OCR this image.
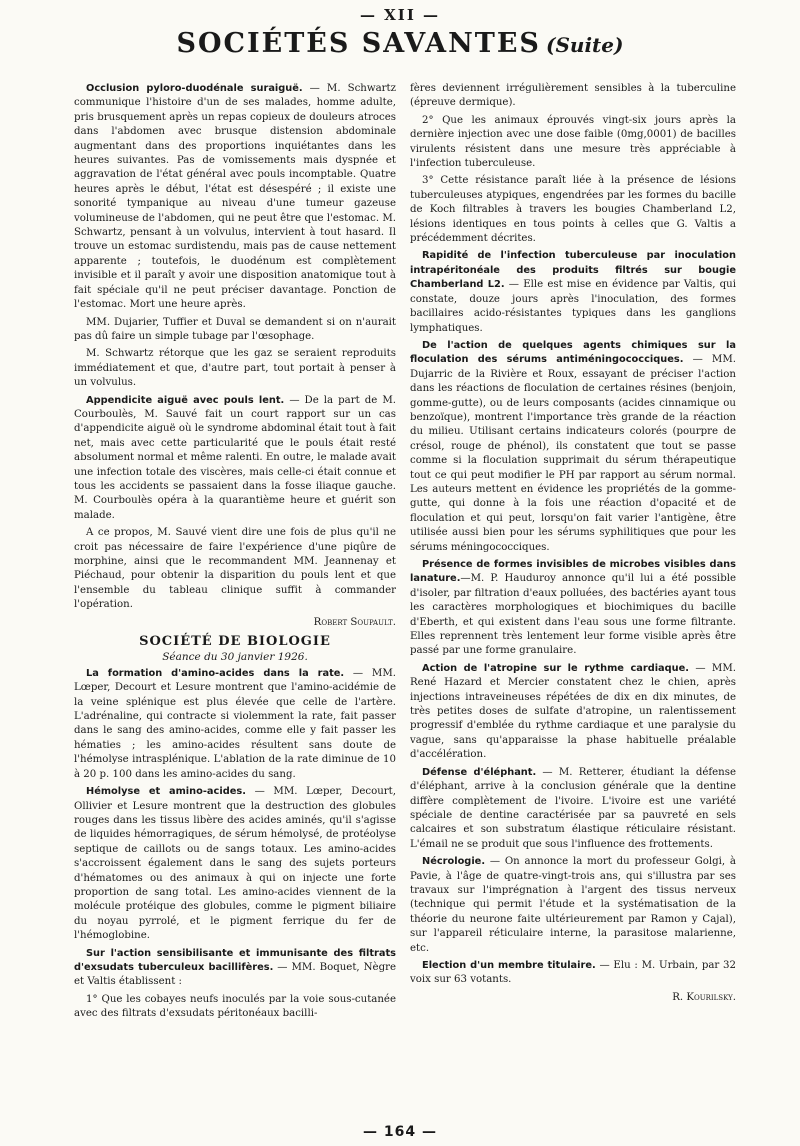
— XII —
SOCIÉTÉS SAVANTES (Suite)

Occlusion pyloro-duodénale suraiguë. — M. Schwartz communique l'histoire d'un de ses malades, homme adulte, pris brusquement après un repas copieux de douleurs atroces dans l'abdomen avec brusque distension abdominale augmentant dans des proportions inquiétantes dans les heures suivantes. Pas de vomissements mais dyspnée et aggravation de l'état général avec pouls incomptable. Quatre heures après le début, l'état est désespéré ; il existe une sonorité tympanique au niveau d'une tumeur gazeuse volumineuse de l'abdomen, qui ne peut être que l'estomac. M. Schwartz, pensant à un volvulus, intervient à tout hasard. Il trouve un estomac surdistendu, mais pas de cause nettement apparente ; toutefois, le duodénum est complètement invisible et il paraît y avoir une disposition anatomique tout à fait spéciale qu'il ne peut préciser davantage. Ponction de l'estomac. Mort une heure après.

MM. Dujarier, Tuffier et Duval se demandent si on n'aurait pas dû faire un simple tubage par l'œsophage.

M. Schwartz rétorque que les gaz se seraient reproduits immédiatement et que, d'autre part, tout portait à penser à un volvulus.

Appendicite aiguë avec pouls lent. — De la part de M. Courboulès, M. Sauvé fait un court rapport sur un cas d'appendicite aiguë où le syndrome abdominal était tout à fait net, mais avec cette particularité que le pouls était resté absolument normal et même ralenti. En outre, le malade avait une infection totale des viscères, mais celle-ci était connue et tous les accidents se passaient dans la fosse iliaque gauche. M. Courboulès opéra à la quarantième heure et guérit son malade.

A ce propos, M. Sauvé vient dire une fois de plus qu'il ne croit pas nécessaire de faire l'expérience d'une piqûre de morphine, ainsi que le recommandent MM. Jeannenay et Piéchaud, pour obtenir la disparition du pouls lent et que l'ensemble du tableau clinique suffit à commander l'opération.

Robert Soupault.

SOCIÉTÉ DE BIOLOGIE
Séance du 30 janvier 1926.

La formation d'amino-acides dans la rate. — MM. Lœper, Decourt et Lesure montrent que l'amino-acidémie de la veine splénique est plus élevée que celle de l'artère. L'adrénaline, qui contracte si violemment la rate, fait passer dans le sang des amino-acides, comme elle y fait passer les hématies ; les amino-acides résultent sans doute de l'hémolyse intrasplénique. L'ablation de la rate diminue de 10 à 20 p. 100 dans les amino-acides du sang.

Hémolyse et amino-acides. — MM. Lœper, Decourt, Ollivier et Lesure montrent que la destruction des globules rouges dans les tissus libère des acides aminés, qu'il s'agisse de liquides hémorragiques, de sérum hémolysé, de protéolyse septique de caillots ou de sangs totaux. Les amino-acides s'accroissent également dans le sang des sujets porteurs d'hématomes ou des animaux à qui on injecte une forte proportion de sang total. Les amino-acides viennent de la molécule protéique des globules, comme le pigment biliaire du noyau pyrrolé, et le pigment ferrique du fer de l'hémoglobine.

Sur l'action sensibilisante et immunisante des filtrats d'exsudats tuberculeux bacillifères. — MM. Boquet, Nègre et Valtis établissent :

1° Que les cobayes neufs inoculés par la voie sous-cutanée avec des filtrats d'exsudats péritonéaux bacilli-

fères deviennent irrégulièrement sensibles à la tuberculine (épreuve dermique).

2° Que les animaux éprouvés vingt-six jours après la dernière injection avec une dose faible (0mg,0001) de bacilles virulents résistent dans une mesure très appréciable à l'infection tuberculeuse.

3° Cette résistance paraît liée à la présence de lésions tuberculeuses atypiques, engendrées par les formes du bacille de Koch filtrables à travers les bougies Chamberland L2, lésions identiques en tous points à celles que G. Valtis a précédemment décrites.

Rapidité de l'infection tuberculeuse par inoculation intrapéritonéale des produits filtrés sur bougie Chamberland L2. — Elle est mise en évidence par Valtis, qui constate, douze jours après l'inoculation, des formes bacillaires acido-résistantes typiques dans les ganglions lymphatiques.

De l'action de quelques agents chimiques sur la floculation des sérums antiméningococciques. — MM. Dujarric de la Rivière et Roux, essayant de préciser l'action dans les réactions de floculation de certaines résines (benjoin, gomme-gutte), ou de leurs composants (acides cinnamique ou benzoïque), montrent l'importance très grande de la réaction du milieu. Utilisant certains indicateurs colorés (pourpre de crésol, rouge de phénol), ils constatent que tout se passe comme si la floculation supprimait du sérum thérapeutique tout ce qui peut modifier le PH par rapport au sérum normal. Les auteurs mettent en évidence les propriétés de la gomme-gutte, qui donne à la fois une réaction d'opacité et de floculation et qui peut, lorsqu'on fait varier l'antigène, être utilisée aussi bien pour les sérums syphilitiques que pour les sérums méningococciques.

Présence de formes invisibles de microbes visibles dans lanature.—M. P. Hauduroy annonce qu'il lui a été possible d'isoler, par filtration d'eaux polluées, des bactéries ayant tous les caractères morphologiques et biochimiques du bacille d'Eberth, et qui existent dans l'eau sous une forme filtrante. Elles reprennent très lentement leur forme visible après être passé par une forme granulaire.

Action de l'atropine sur le rythme cardiaque. — MM. René Hazard et Mercier constatent chez le chien, après injections intraveineuses répétées de dix en dix minutes, de très petites doses de sulfate d'atropine, un ralentissement progressif d'emblée du rythme cardiaque et une paralysie du vague, sans qu'apparaisse la phase habituelle préalable d'accélération.

Défense d'éléphant. — M. Retterer, étudiant la défense d'éléphant, arrive à la conclusion générale que la dentine diffère complètement de l'ivoire. L'ivoire est une variété spéciale de dentine caractérisée par sa pauvreté en sels calcaires et son substratum élastique réticulaire résistant. L'émail ne se produit que sous l'influence des frottements.

Nécrologie. — On annonce la mort du professeur Golgi, à Pavie, à l'âge de quatre-vingt-trois ans, qui s'illustra par ses travaux sur l'imprégnation à l'argent des tissus nerveux (technique qui permit l'étude et la systématisation de la théorie du neurone faite ultérieurement par Ramon y Cajal), sur l'appareil réticulaire interne, la parasitose malarienne, etc.

Election d'un membre titulaire. — Elu : M. Urbain, par 32 voix sur 63 votants.

R. Kourilsky.

— 164 —
